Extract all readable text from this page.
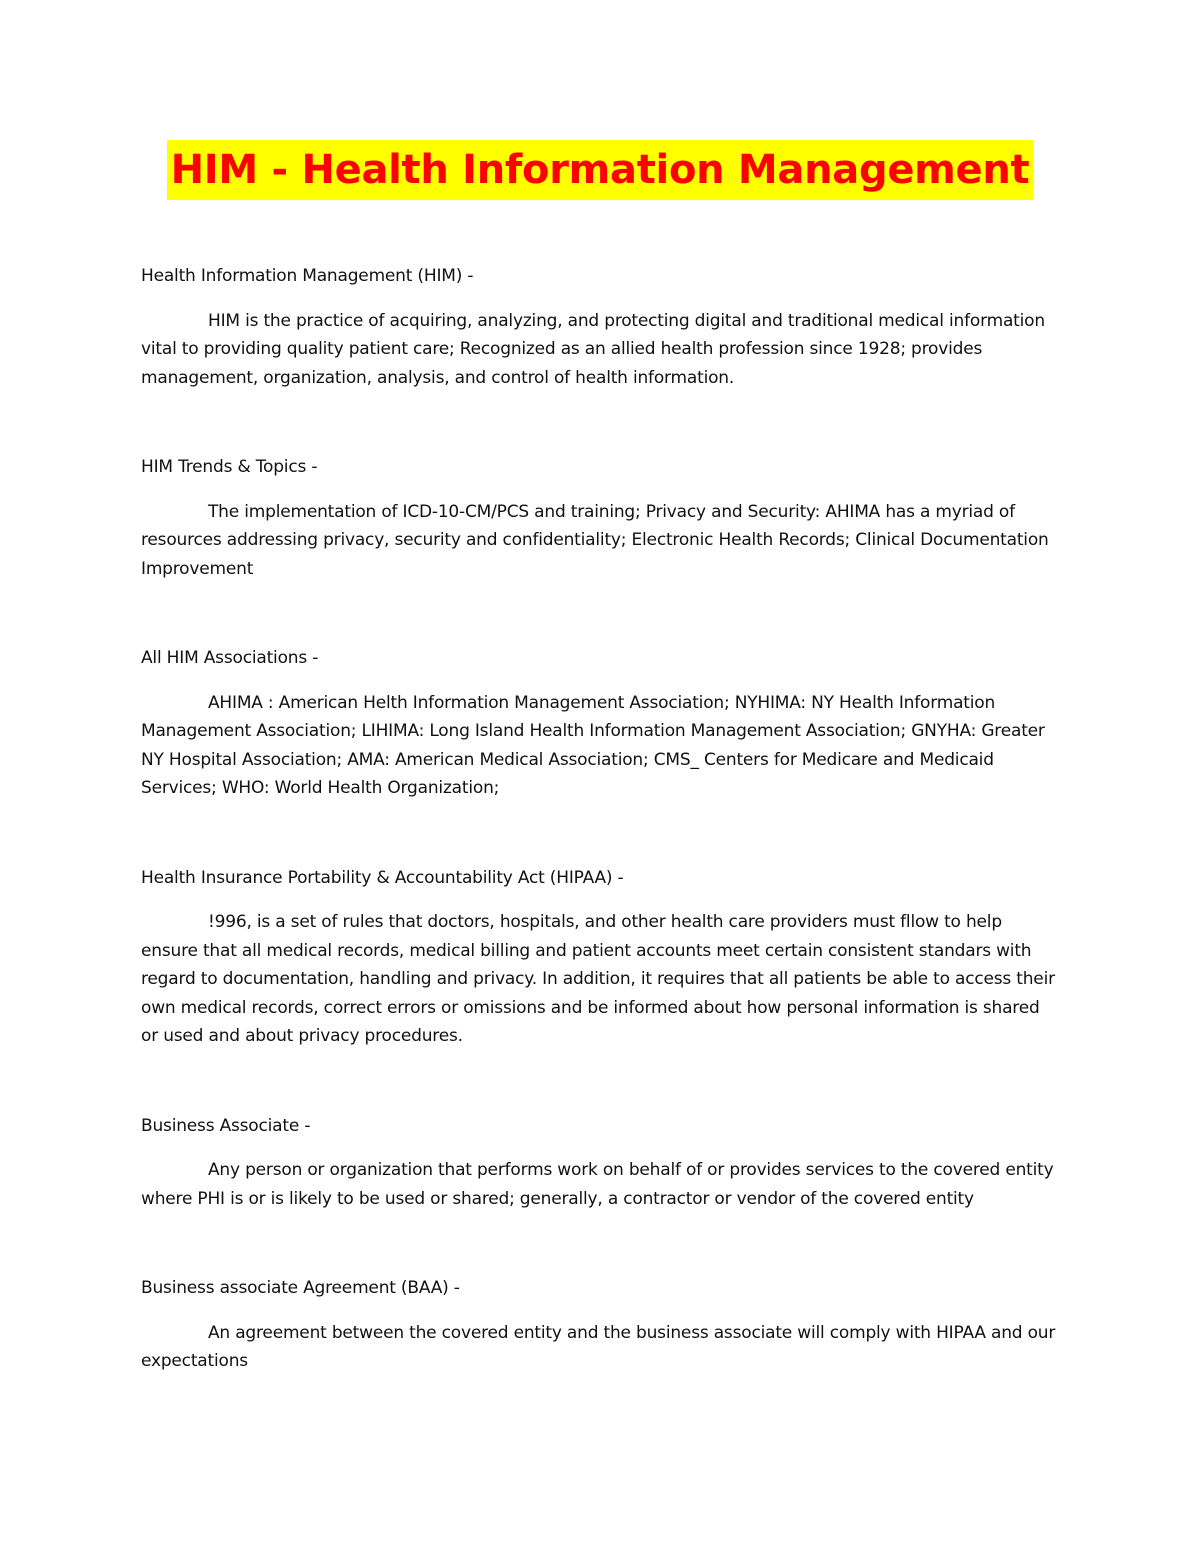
HIM - Health Information Management

Health Information Management (HIM) -

HIM is the practice of acquiring, analyzing, and protecting digital and traditional medical information vital to providing quality patient care; Recognized as an allied health profession since 1928; provides management, organization, analysis, and control of health information.

HIM Trends & Topics -

The implementation of ICD-10-CM/PCS and training; Privacy and Security: AHIMA has a myriad of resources addressing privacy, security and confidentiality; Electronic Health Records; Clinical Documentation Improvement

All HIM Associations -

AHIMA : American Helth Information Management Association; NYHIMA: NY Health Information Management Association; LIHIMA: Long Island Health Information Management Association; GNYHA: Greater NY Hospital Association; AMA: American Medical Association; CMS_ Centers for Medicare and Medicaid Services; WHO: World Health Organization;

Health Insurance Portability & Accountability Act (HIPAA) -

!996, is a set of rules that doctors, hospitals, and other health care providers must fllow to help ensure that all medical records, medical billing and patient accounts meet certain consistent standars with regard to documentation, handling and privacy. In addition, it requires that all patients be able to access their own medical records, correct errors or omissions and be informed about how personal information is shared or used and about privacy procedures.

Business Associate -

Any person or organization that performs work on behalf of or provides services to the covered entity where PHI is or is likely to be used or shared; generally, a contractor or vendor of the covered entity

Business associate Agreement (BAA) -

An agreement between the covered entity and the business associate will comply with HIPAA and our expectations
